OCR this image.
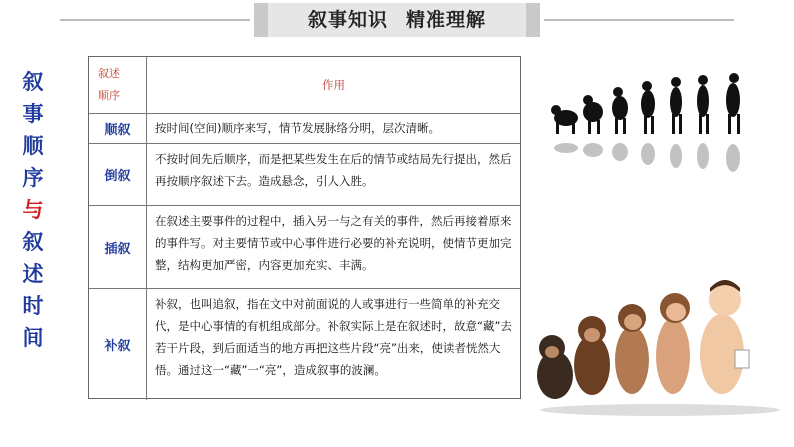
叙事知识 精准理解
叙
事
顺
序
与
叙
述
时
间
叙述
顺序
作用
顺叙	按时间(空间)顺序来写，情节发展脉络分明，层次清晰。
倒叙
不按时间先后顺序，而是把某些发生在后的情节或结局先行提出，然后再按顺序叙述下去。造成悬念，引人入胜。
插叙
在叙述主要事件的过程中，插入另一与之有关的事件，然后再接着原来的事件写。对主要情节或中心事件进行必要的补充说明，使情节更加完整，结构更加严密，内容更加充实、丰满。
补叙
补叙，也叫追叙，指在文中对前面说的人或事进行一些简单的补充交代，是中心事情的有机组成部分。补叙实际上是在叙述时，故意“藏”去若干片段，到后面适当的地方再把这些片段“亮”出来，使读者恍然大悟。通过这一“藏”一“亮”，造成叙事的波澜。
